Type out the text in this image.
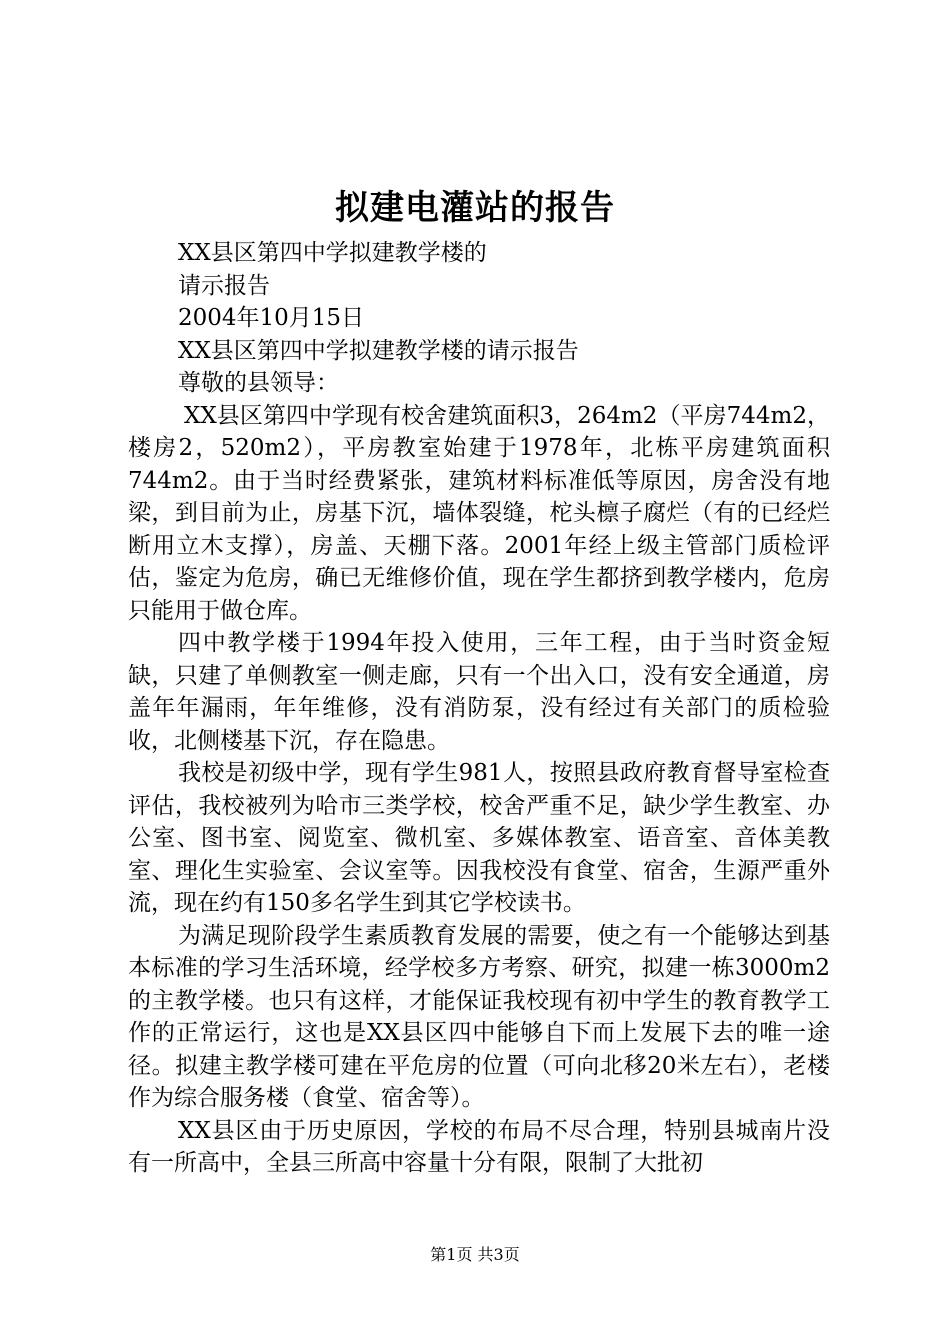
拟建电灌站的报告

XX县区第四中学拟建教学楼的

请示报告

2004年10月15日

XX县区第四中学拟建教学楼的请示报告

尊敬的县领导：

XX县区第四中学现有校舍建筑面积3，264m2（平房744m2，楼房2，520m2），平房教室始建于1978年，北栋平房建筑面积744m2。由于当时经费紧张，建筑材料标准低等原因，房舍没有地梁，到目前为止，房基下沉，墙体裂缝，柁头檩子腐烂（有的已经烂断用立木支撑），房盖、天棚下落。2001年经上级主管部门质检评估，鉴定为危房，确已无维修价值，现在学生都挤到教学楼内，危房只能用于做仓库。

四中教学楼于1994年投入使用，三年工程，由于当时资金短缺，只建了单侧教室一侧走廊，只有一个出入口，没有安全通道，房盖年年漏雨，年年维修，没有消防泵，没有经过有关部门的质检验收，北侧楼基下沉，存在隐患。

我校是初级中学，现有学生981人，按照县政府教育督导室检查评估，我校被列为哈市三类学校，校舍严重不足，缺少学生教室、办公室、图书室、阅览室、微机室、多媒体教室、语音室、音体美教室、理化生实验室、会议室等。因我校没有食堂、宿舍，生源严重外流，现在约有150多名学生到其它学校读书。

为满足现阶段学生素质教育发展的需要，使之有一个能够达到基本标准的学习生活环境，经学校多方考察、研究，拟建一栋3000m2的主教学楼。也只有这样，才能保证我校现有初中学生的教育教学工作的正常运行，这也是XX县区四中能够自下而上发展下去的唯一途径。拟建主教学楼可建在平危房的位置（可向北移20米左右），老楼作为综合服务楼（食堂、宿舍等）。

XX县区由于历史原因，学校的布局不尽合理，特别县城南片没有一所高中，全县三所高中容量十分有限，限制了大批初

第1页 共3页
